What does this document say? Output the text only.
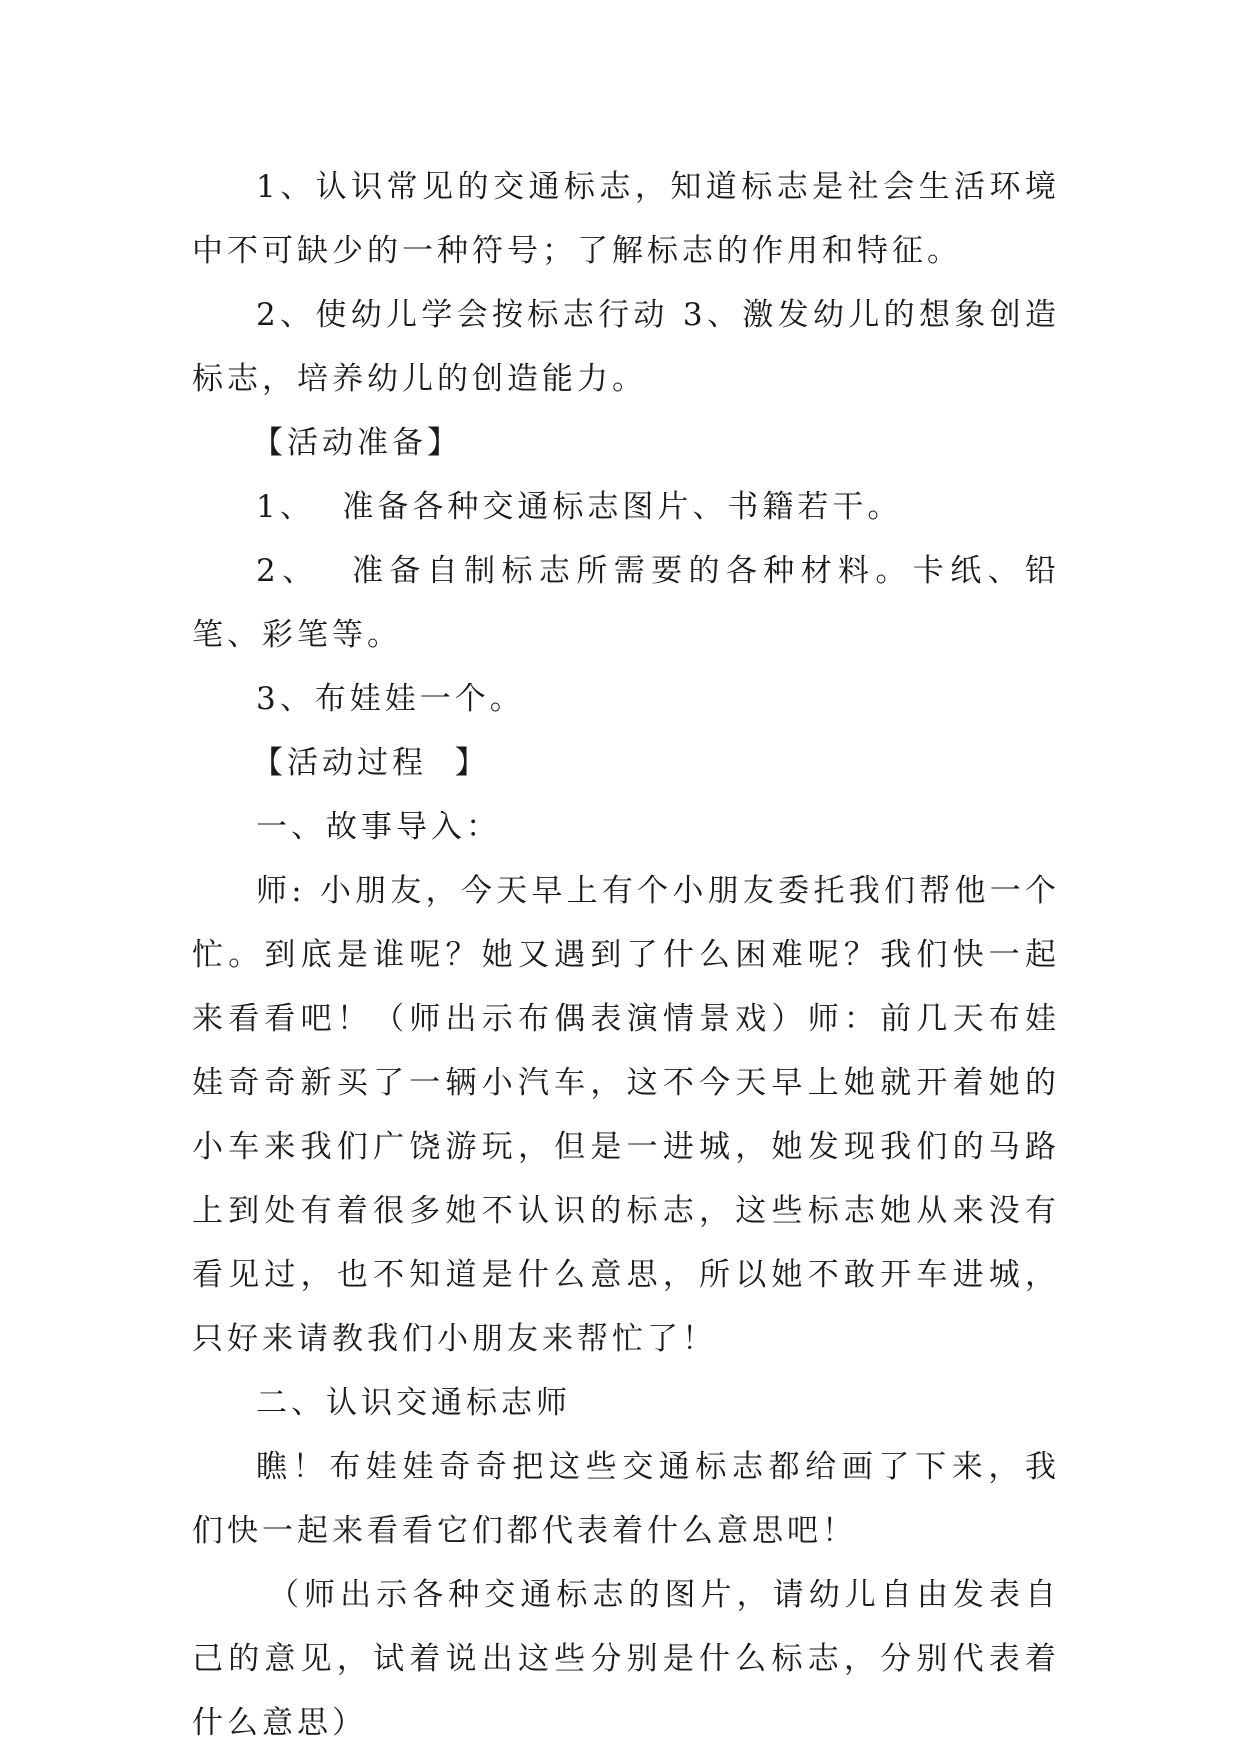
1、认识常见的交通标志，知道标志是社会生活环境中不可缺少的一种符号；了解标志的作用和特征。

2、使幼儿学会按标志行动 3、激发幼儿的想象创造标志，培养幼儿的创造能力。

【活动准备】

1、  准备各种交通标志图片、书籍若干。

2、  准备自制标志所需要的各种材料。卡纸、铅笔、彩笔等。

3、布娃娃一个。

【活动过程  】

一、故事导入：

师: 小朋友，今天早上有个小朋友委托我们帮他一个忙。到底是谁呢？她又遇到了什么困难呢？我们快一起来看看吧！（师出示布偶表演情景戏）师：前几天布娃娃奇奇新买了一辆小汽车，这不今天早上她就开着她的小车来我们广饶游玩，但是一进城，她发现我们的马路上到处有着很多她不认识的标志，这些标志她从来没有看见过，也不知道是什么意思，所以她不敢开车进城，只好来请教我们小朋友来帮忙了！

二、认识交通标志师

瞧！布娃娃奇奇把这些交通标志都给画了下来，我们快一起来看看它们都代表着什么意思吧！

（师出示各种交通标志的图片，请幼儿自由发表自己的意见，试着说出这些分别是什么标志，分别代表着什么意思）
